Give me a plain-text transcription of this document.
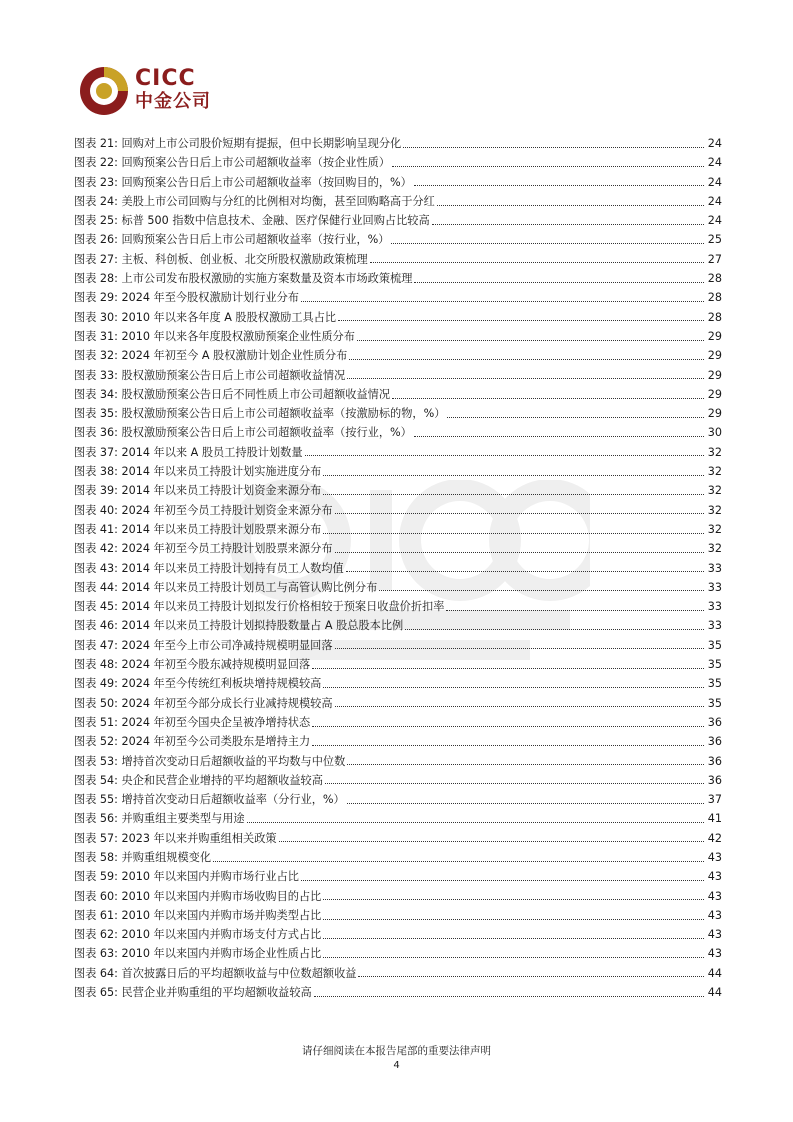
CICC
中金公司
图表 21:
回购对上市公司股价短期有提振，但中长期影响呈现分化	24
图表 22:
回购预案公告日后上市公司超额收益率（按企业性质）	24
图表 23:
回购预案公告日后上市公司超额收益率（按回购目的，%）	24
图表 24:
美股上市公司回购与分红的比例相对均衡，甚至回购略高于分红	24
图表 25:
标普 500 指数中信息技术、金融、医疗保健行业回购占比较高	24
图表 26:
回购预案公告日后上市公司超额收益率（按行业，%）	25
图表 27:
主板、科创板、创业板、北交所股权激励政策梳理	27
图表 28:
上市公司发布股权激励的实施方案数量及资本市场政策梳理	28
图表 29:
2024 年至今股权激励计划行业分布	28
图表 30:
2010 年以来各年度 A 股股权激励工具占比	28
图表 31:
2010 年以来各年度股权激励预案企业性质分布	29
图表 32:
2024 年初至今 A 股权激励计划企业性质分布	29
图表 33:
股权激励预案公告日后上市公司超额收益情况	29
图表 34:
股权激励预案公告日后不同性质上市公司超额收益情况	29
图表 35:
股权激励预案公告日后上市公司超额收益率（按激励标的物，%）	29
图表 36:
股权激励预案公告日后上市公司超额收益率（按行业，%）	30
图表 37:
2014 年以来 A 股员工持股计划数量	32
图表 38:
2014 年以来员工持股计划实施进度分布	32
图表 39:
2014 年以来员工持股计划资金来源分布	32
图表 40:
2024 年初至今员工持股计划资金来源分布	32
图表 41:
2014 年以来员工持股计划股票来源分布	32
图表 42:
2024 年初至今员工持股计划股票来源分布	32
图表 43:
2014 年以来员工持股计划持有员工人数均值	33
图表 44:
2014 年以来员工持股计划员工与高管认购比例分布	33
图表 45:
2014 年以来员工持股计划拟发行价格相较于预案日收盘价折扣率	33
图表 46:
2014 年以来员工持股计划拟持股数量占 A 股总股本比例	33
图表 47:
2024 年至今上市公司净减持规模明显回落	35
图表 48:
2024 年初至今股东减持规模明显回落	35
图表 49:
2024 年至今传统红利板块增持规模较高	35
图表 50:
2024 年初至今部分成长行业减持规模较高	35
图表 51:
2024 年初至今国央企呈被净增持状态	36
图表 52:
2024 年初至今公司类股东是增持主力	36
图表 53:
增持首次变动日后超额收益的平均数与中位数	36
图表 54:
央企和民营企业增持的平均超额收益较高	36
图表 55:
增持首次变动日后超额收益率（分行业，%）	37
图表 56:
并购重组主要类型与用途	41
图表 57:
2023 年以来并购重组相关政策	42
图表 58:
并购重组规模变化	43
图表 59:
2010 年以来国内并购市场行业占比	43
图表 60:
2010 年以来国内并购市场收购目的占比	43
图表 61:
2010 年以来国内并购市场并购类型占比	43
图表 62:
2010 年以来国内并购市场支付方式占比	43
图表 63:
2010 年以来国内并购市场企业性质占比	43
图表 64:
首次披露日后的平均超额收益与中位数超额收益	44
图表 65:
民营企业并购重组的平均超额收益较高	44
请仔细阅读在本报告尾部的重要法律声明
4
